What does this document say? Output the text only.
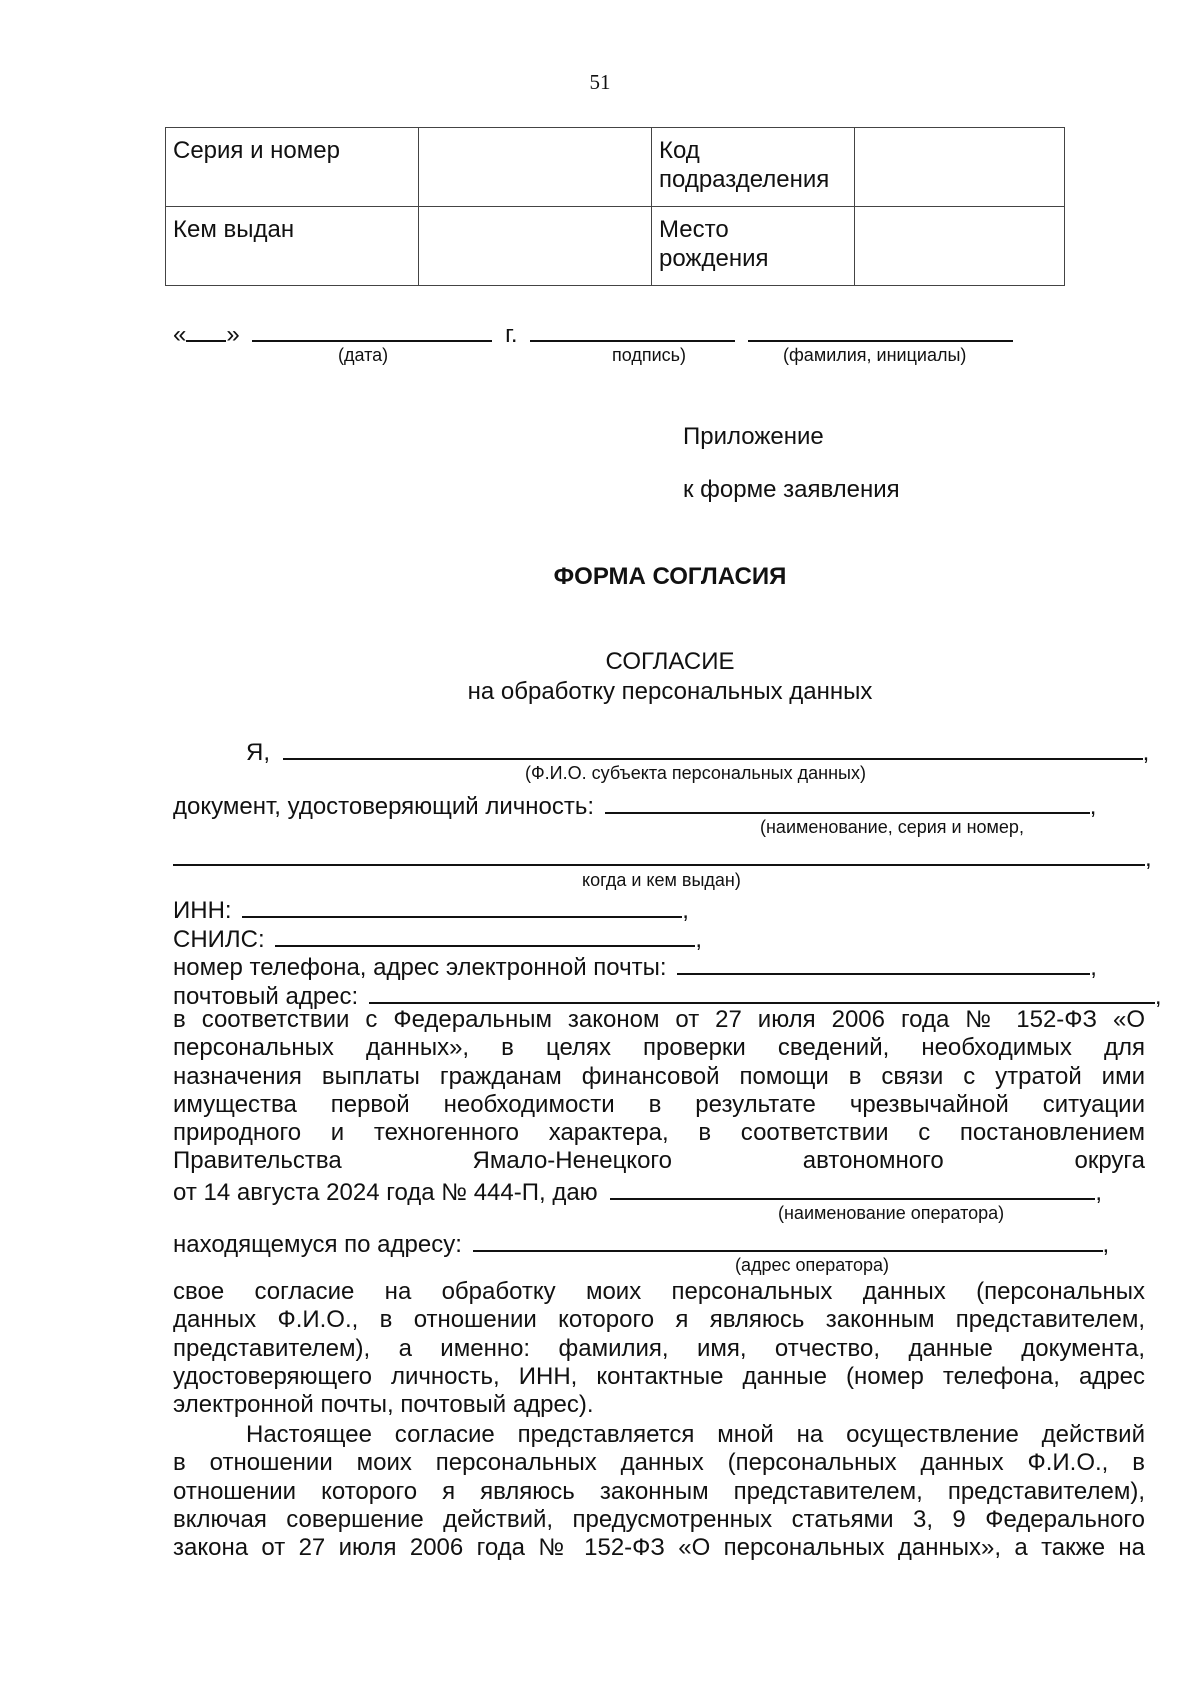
51
Серия и номер		Код
подразделения	
Кем выдан		Место
рождения	
« »	г.
(дата)	подпись)	(фамилия, инициалы)
Приложение
к форме заявления
ФОРМА СОГЛАСИЯ
СОГЛАСИЕ
на обработку персональных данных
Я,	,
(Ф.И.О. субъекта персональных данных)
документ, удостоверяющий личность:	,
(наименование, серия и номер,
,
когда и кем выдан)
ИНН:	,
СНИЛС:	,
номер телефона, адрес электронной почты:	,
почтовый адрес:	,
в соответствии с Федеральным законом от 27 июля 2006 года № 152-ФЗ «О
персональных данных», в целях проверки сведений, необходимых для
назначения выплаты гражданам финансовой помощи в связи с утратой ими
имущества первой необходимости в результате чрезвычайной ситуации
природного и техногенного характера, в соответствии с постановлением
Правительства Ямало-Ненецкого автономного округа
от 14 августа 2024 года № 444-П, даю	,
(наименование оператора)
находящемуся по адресу:	,
(адрес оператора)
свое согласие на обработку моих персональных данных (персональных
данных Ф.И.О., в отношении которого я являюсь законным представителем,
представителем), а именно: фамилия, имя, отчество, данные документа,
удостоверяющего личность, ИНН, контактные данные (номер телефона, адрес
электронной почты, почтовый адрес).
Настоящее согласие представляется мной на осуществление действий
в отношении моих персональных данных (персональных данных Ф.И.О., в
отношении которого я являюсь законным представителем, представителем),
включая совершение действий, предусмотренных статьями 3, 9 Федерального
закона от 27 июля 2006 года № 152-ФЗ «О персональных данных», а также на
